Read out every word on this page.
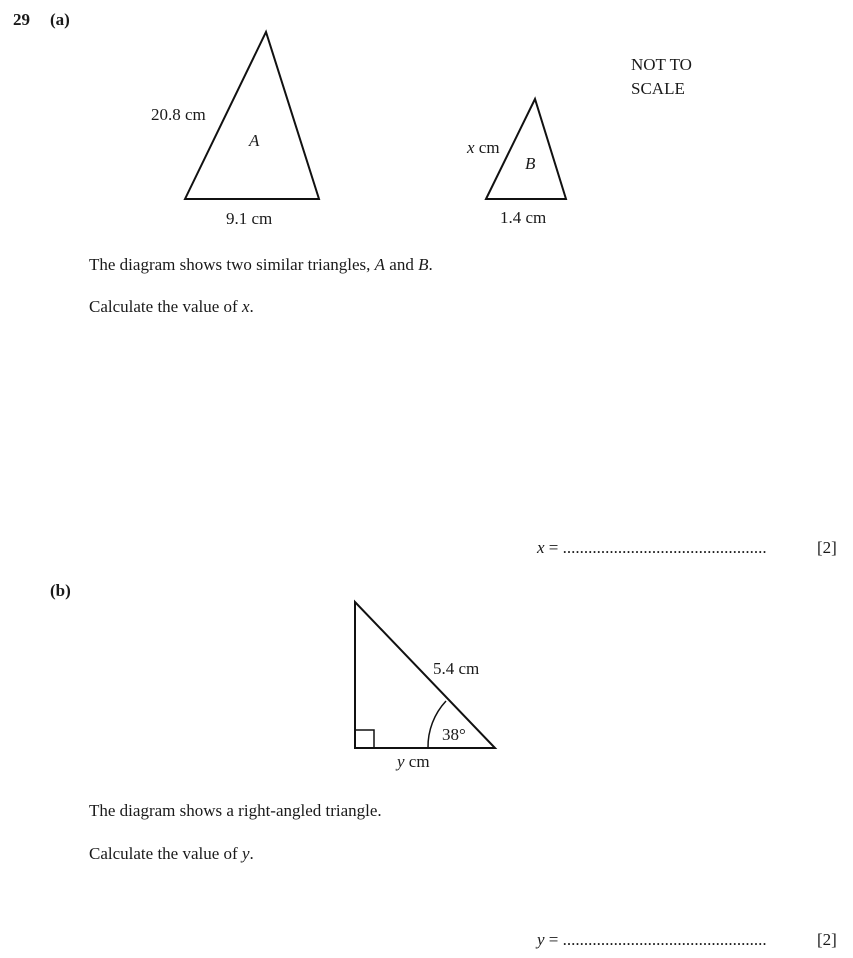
29 (a)
NOT TO
SCALE
20.8 cm
A
9.1 cm
x cm
B
1.4 cm
The diagram shows two similar triangles, A and B.
Calculate the value of x.
x = ................................................	[2]
(b)
5.4 cm
38°
y cm
The diagram shows a right-angled triangle.
Calculate the value of y.
y = ................................................	[2]
